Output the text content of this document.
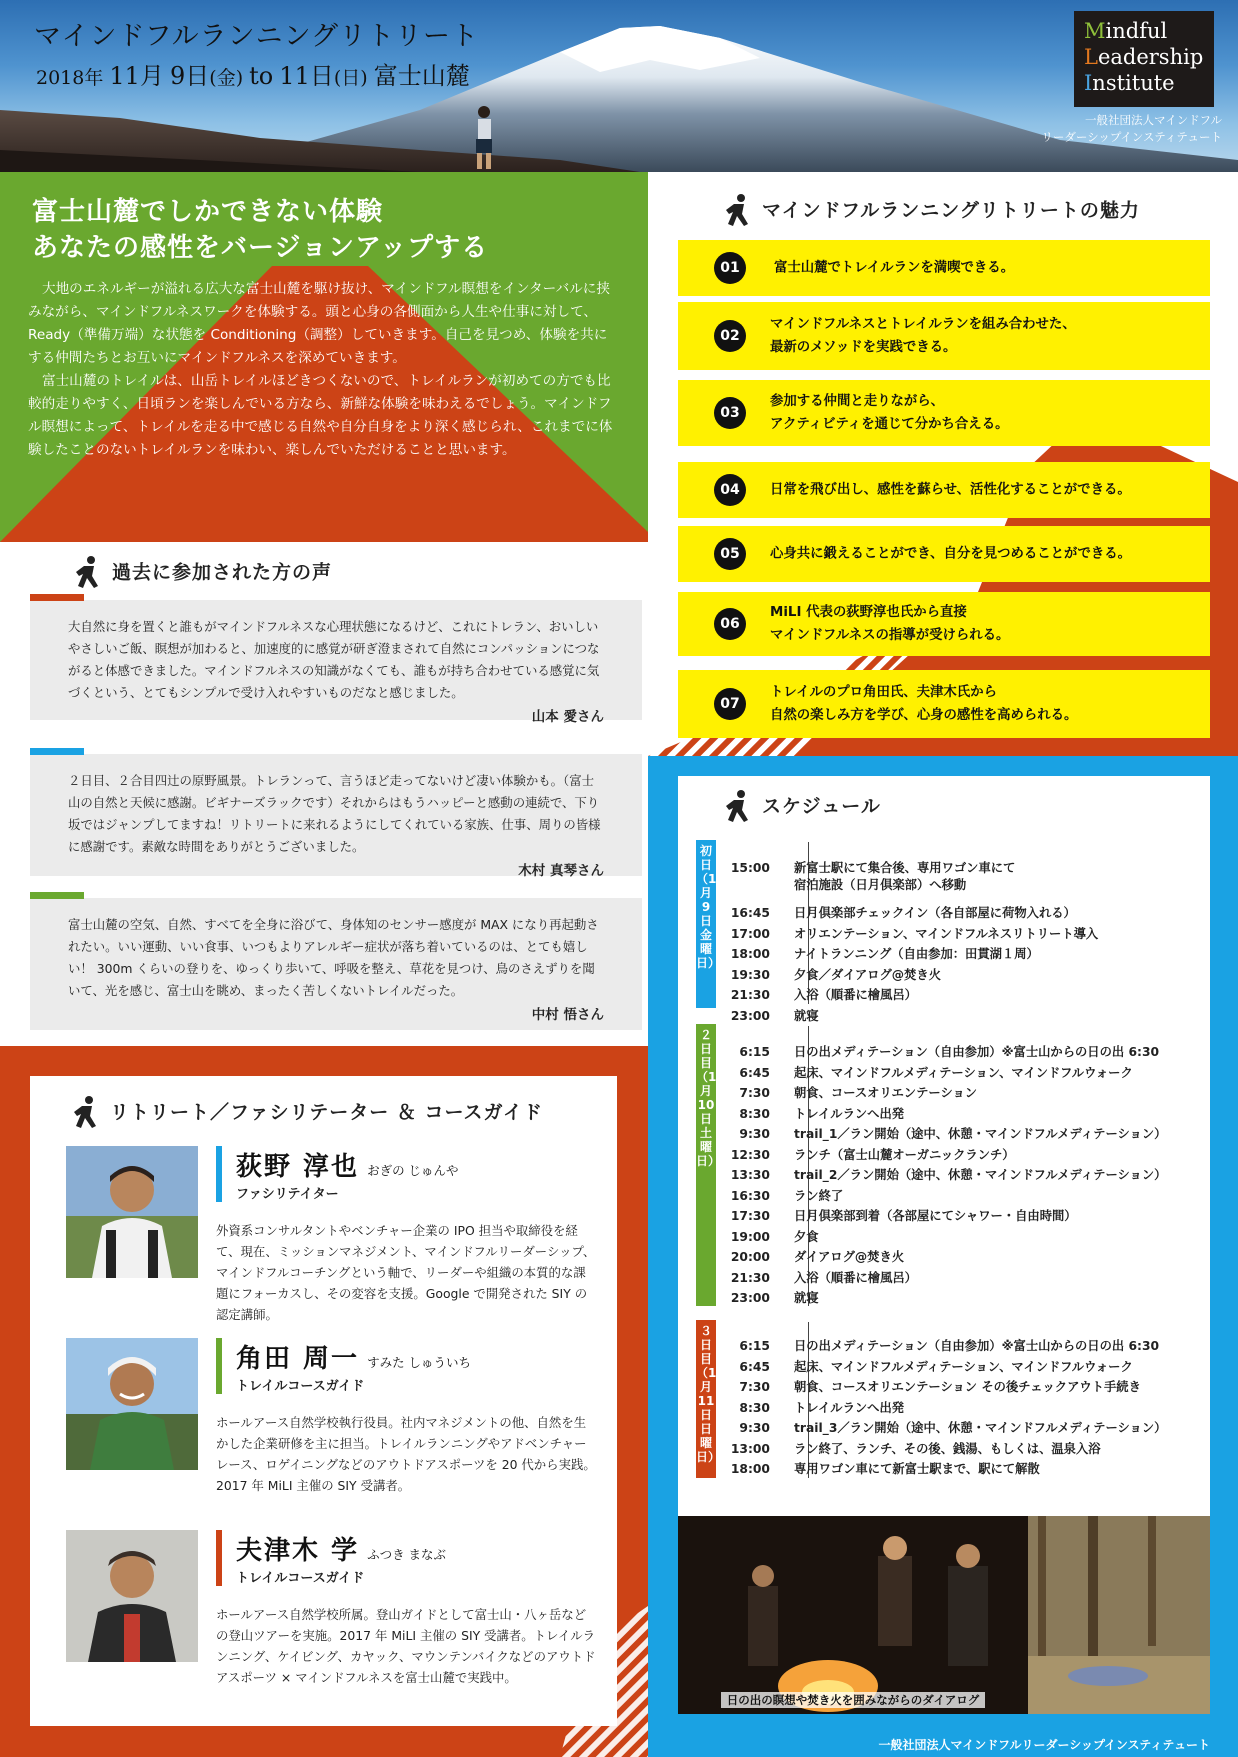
マインドフルランニングリトリート
2018年 11月 9日(金) to 11日(日) 富士山麓
Mindful
Leadership
Institute
一般社団法人マインドフル
リーダーシップインスティテュート
富士山麓でしかできない体験
あなたの感性をバージョンアップする

大地のエネルギーが溢れる広大な富士山麓を駆け抜け、マインドフル瞑想をインターバルに挟みながら、マインドフルネスワークを体験する。頭と心身の各側面から人生や仕事に対して、Ready（準備万端）な状態を Conditioning（調整）していきます。自己を見つめ、体験を共にする仲間たちとお互いにマインドフルネスを深めていきます。

富士山麓のトレイルは、山岳トレイルほどきつくないので、トレイルランが初めての方でも比較的走りやすく、日頃ランを楽しんでいる方なら、新鮮な体験を味わえるでしょう。マインドフル瞑想によって、トレイルを走る中で感じる自然や自分自身をより深く感じられ、これまでに体験したことのないトレイルランを味わい、楽しんでいただけることと思います。

過去に参加された方の声
大自然に身を置くと誰もがマインドフルネスな心理状態になるけど、これにトレラン、おいしいやさしいご飯、瞑想が加わると、加速度的に感覚が研ぎ澄まされて自然にコンパッションにつながると体感できました。マインドフルネスの知識がなくても、誰もが持ち合わせている感覚に気づくという、とてもシンプルで受け入れやすいものだなと感じました。
山本 愛さん
２日目、２合目四辻の原野風景。トレランって、言うほど走ってないけど凄い体験かも。（富士山の自然と天候に感謝。ビギナーズラックです）それからはもうハッピーと感動の連続で、下り坂ではジャンプしてますね！リトリートに来れるようにしてくれている家族、仕事、周りの皆様に感謝です。素敵な時間をありがとうございました。
木村 真琴さん
富士山麓の空気、自然、すべてを全身に浴びて、身体知のセンサー感度が MAX になり再起動されたい。いい運動、いい食事、いつもよりアレルギー症状が落ち着いているのは、とても嬉しい！ 300m くらいの登りを、ゆっくり歩いて、呼吸を整え、草花を見つけ、鳥のさえずりを聞いて、光を感じ、富士山を眺め、まったく苦しくないトレイルだった。
中村 悟さん
リトリート／ファシリテーター ＆ コースガイド
荻野 淳也 おぎの じゅんや
ファシリテイター
外資系コンサルタントやベンチャー企業の IPO 担当や取締役を経て、現在、ミッションマネジメント、マインドフルリーダーシップ、マインドフルコーチングという軸で、リーダーや組織の本質的な課題にフォーカスし、その変容を支援。Google で開発された SIY の認定講師。
角田 周一 すみた しゅういち
トレイルコースガイド
ホールアース自然学校執行役員。社内マネジメントの他、自然を生かした企業研修を主に担当。トレイルランニングやアドベンチャーレース、ロゲイニングなどのアウトドアスポーツを 20 代から実践。2017 年 MiLI 主催の SIY 受講者。
夫津木 学 ふつき まなぶ
トレイルコースガイド
ホールアース自然学校所属。登山ガイドとして富士山・八ヶ岳などの登山ツアーを実施。2017 年 MiLI 主催の SIY 受講者。トレイルランニング、ケイビング、カヤック、マウンテンバイクなどのアウトドアスポーツ × マインドフルネスを富士山麓で実践中。
マインドフルランニングリトリートの魅力
01	富士山麓でトレイルランを満喫できる。
02
マインドフルネスとトレイルランを組み合わせた、
最新のメソッドを実践できる。
03
参加する仲間と走りながら、
アクティビティを通じて分かち合える。
04	日常を飛び出し、感性を蘇らせ、活性化することができる。
05	心身共に鍛えることができ、自分を見つめることができる。
06
MiLI 代表の荻野淳也氏から直接
マインドフルネスの指導が受けられる。
07
トレイルのプロ角田氏、夫津木氏から
自然の楽しみ方を学び、心身の感性を高められる。
スケジュール
初日（11月9日 金曜日）
15:00 新富士駅にて集合後、専用ワゴン車にて
宿泊施設（日月倶楽部）へ移動
16:45 日月倶楽部チェックイン（各自部屋に荷物入れる）
17:00 オリエンテーション、マインドフルネスリトリート導入
18:00 ナイトランニング（自由参加：田貫湖１周）
19:30 夕食／ダイアログ@焚き火
21:30 入浴（順番に檜風呂）
23:00 就寝
２日目（11月10日 土曜日）
6:15 日の出メディテーション（自由参加）※富士山からの日の出 6:30
6:45 起床、マインドフルメディテーション、マインドフルウォーク
7:30 朝食、コースオリエンテーション
8:30 トレイルランへ出発
9:30 trail_1／ラン開始（途中、休憩・マインドフルメディテーション）
12:30 ランチ（富士山麓オーガニックランチ）
13:30 trail_2／ラン開始（途中、休憩・マインドフルメディテーション）
16:30 ラン終了
17:30 日月倶楽部到着（各部屋にてシャワー・自由時間）
19:00 夕食
20:00 ダイアログ@焚き火
21:30 入浴（順番に檜風呂）
23:00 就寝
３日目（11月11日 日曜日）
6:15 日の出メディテーション（自由参加）※富士山からの日の出 6:30
6:45 起床、マインドフルメディテーション、マインドフルウォーク
7:30 朝食、コースオリエンテーション その後チェックアウト手続き
8:30 トレイルランへ出発
9:30 trail_3／ラン開始（途中、休憩・マインドフルメディテーション）
13:00 ラン終了、ランチ、その後、銭湯、もしくは、温泉入浴
18:00 専用ワゴン車にて新富士駅まで、駅にて解散
日の出の瞑想や焚き火を囲みながらのダイアログ
一般社団法人マインドフルリーダーシップインスティテュート
